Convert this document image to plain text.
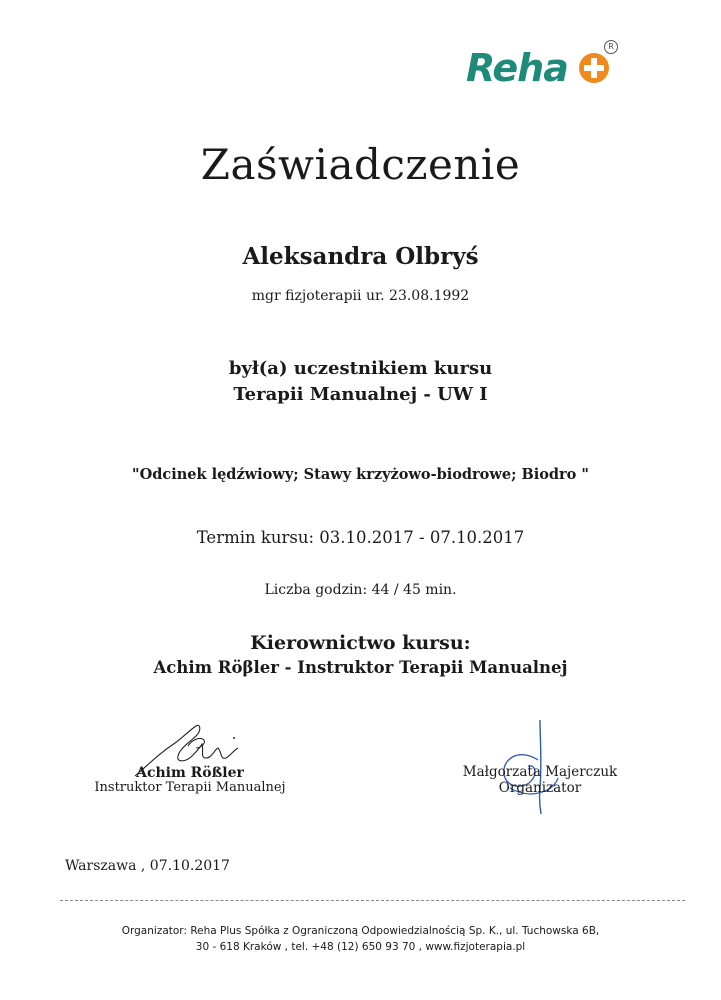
Reha	R
Zaświadczenie
Aleksandra Olbryś
mgr fizjoterapii ur. 23.08.1992
był(a) uczestnikiem kursu
Terapii Manualnej - UW I
"Odcinek lędźwiowy; Stawy krzyżowo-biodrowe; Biodro "
Termin kursu: 03.10.2017 - 07.10.2017
Liczba godzin: 44 / 45 min.
Kierownictwo kursu:
Achim Röβler - Instruktor Terapii Manualnej
Achim Rößler
Instruktor Terapii Manualnej
Małgorzata Majerczuk
Organizator
Warszawa , 07.10.2017
Organizator: Reha Plus Spółka z Ograniczoną Odpowiedzialnością Sp. K., ul. Tuchowska 6B,
30 - 618 Kraków , tel. +48 (12) 650 93 70 , www.fizjoterapia.pl
